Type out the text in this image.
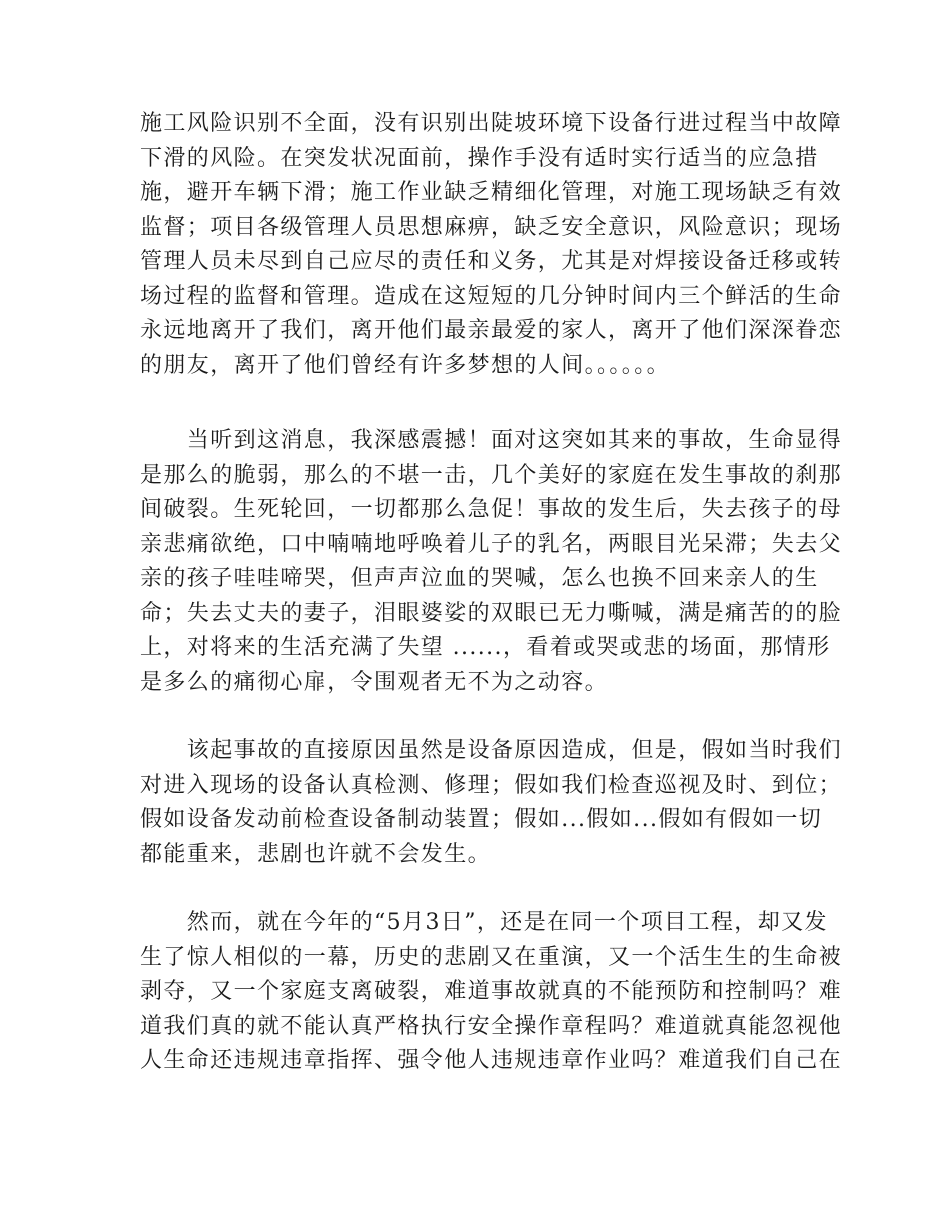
施工风险识别不全面，没有识别出陡坡环境下设备行进过程当中故障
下滑的风险。在突发状况面前，操作手没有适时实行适当的应急措
施，避开车辆下滑；施工作业缺乏精细化管理，对施工现场缺乏有效
监督；项目各级管理人员思想麻痹，缺乏安全意识，风险意识；现场
管理人员未尽到自己应尽的责任和义务，尤其是对焊接设备迁移或转
场过程的监督和管理。造成在这短短的几分钟时间内三个鲜活的生命
永远地离开了我们，离开他们最亲最爱的家人，离开了他们深深眷恋
的朋友，离开了他们曾经有许多梦想的人间。。。。。。
　　当听到这消息，我深感震撼！面对这突如其来的事故，生命显得
是那么的脆弱，那么的不堪一击，几个美好的家庭在发生事故的刹那
间破裂。生死轮回，一切都那么急促！事故的发生后，失去孩子的母
亲悲痛欲绝，口中喃喃地呼唤着儿子的乳名，两眼目光呆滞；失去父
亲的孩子哇哇啼哭，但声声泣血的哭喊，怎么也换不回来亲人的生
命；失去丈夫的妻子，泪眼婆娑的双眼已无力嘶喊，满是痛苦的的脸
上，对将来的生活充满了失望 ......，看着或哭或悲的场面，那情形
是多么的痛彻心扉，令围观者无不为之动容。
　　该起事故的直接原因虽然是设备原因造成，但是，假如当时我们
对进入现场的设备认真检测、修理；假如我们检查巡视及时、到位；
假如设备发动前检查设备制动装置；假如...假如...假如有假如一切
都能重来，悲剧也许就不会发生。
　　然而，就在今年的“5月3日”，还是在同一个项目工程，却又发
生了惊人相似的一幕，历史的悲剧又在重演，又一个活生生的生命被
剥夺，又一个家庭支离破裂，难道事故就真的不能预防和控制吗？难
道我们真的就不能认真严格执行安全操作章程吗？难道就真能忽视他
人生命还违规违章指挥、强令他人违规违章作业吗？难道我们自己在
